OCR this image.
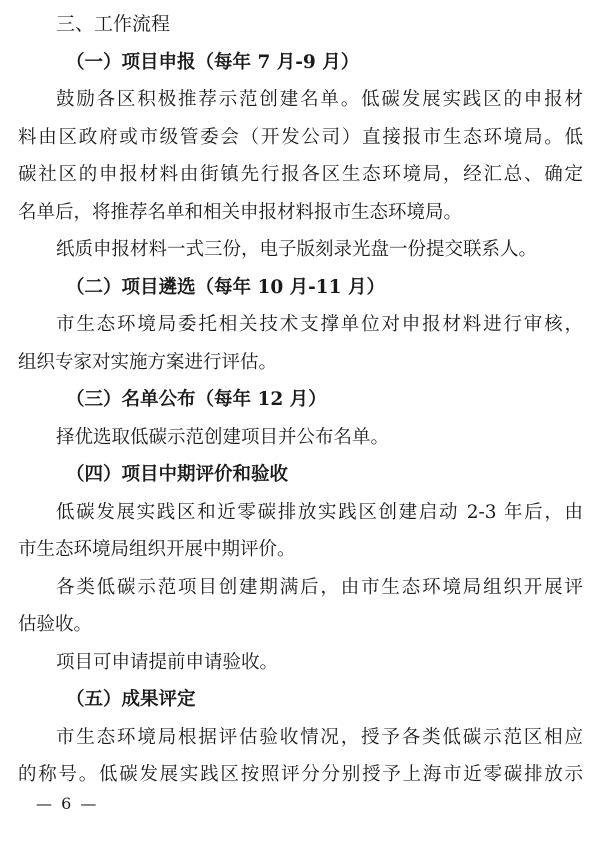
三、工作流程
（一）项目申报（每年 7 月-9 月）
鼓励各区积极推荐示范创建名单。低碳发展实践区的申报材
料由区政府或市级管委会（开发公司）直接报市生态环境局。低
碳社区的申报材料由街镇先行报各区生态环境局，经汇总、确定
名单后，将推荐名单和相关申报材料报市生态环境局。
纸质申报材料一式三份，电子版刻录光盘一份提交联系人。
（二）项目遴选（每年 10 月-11 月）
市生态环境局委托相关技术支撑单位对申报材料进行审核，
组织专家对实施方案进行评估。
（三）名单公布（每年 12 月）
择优选取低碳示范创建项目并公布名单。
（四）项目中期评价和验收
低碳发展实践区和近零碳排放实践区创建启动 2-3 年后，由
市生态环境局组织开展中期评价。
各类低碳示范项目创建期满后，由市生态环境局组织开展评
估验收。
项目可申请提前申请验收。
（五）成果评定
市生态环境局根据评估验收情况，授予各类低碳示范区相应
的称号。低碳发展实践区按照评分分别授予上海市近零碳排放示
— 6 —
